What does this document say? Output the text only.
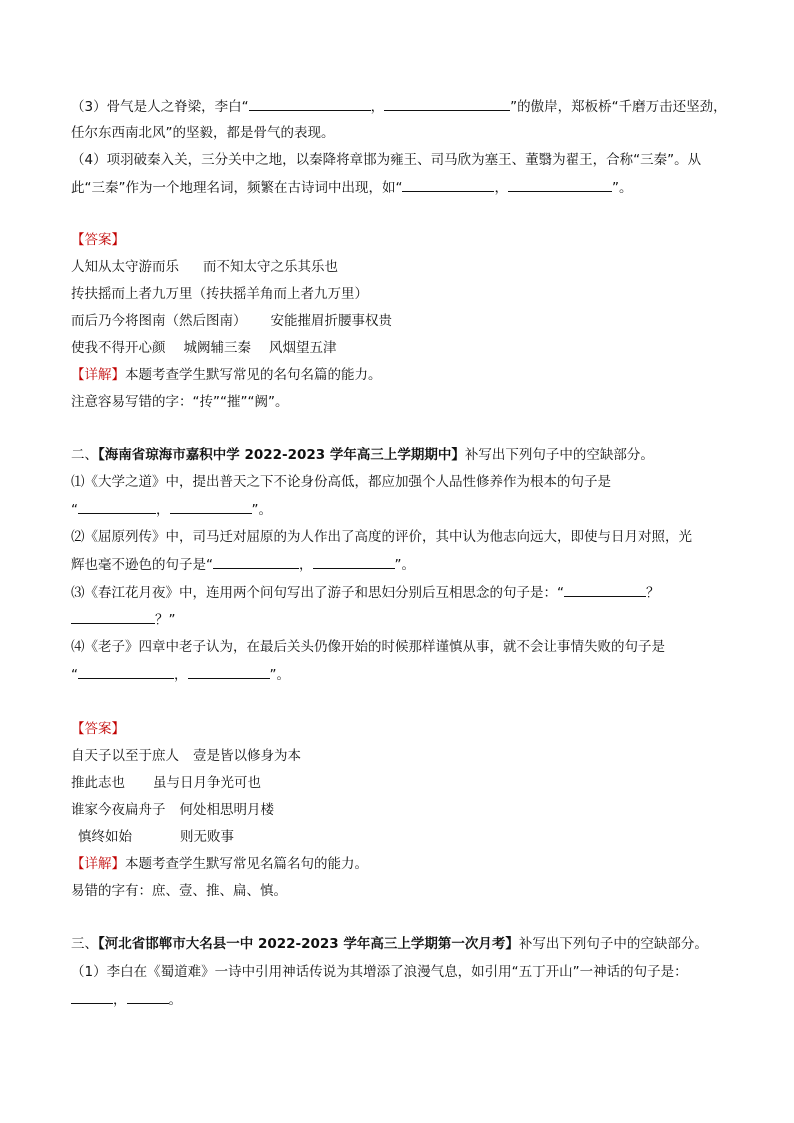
（3）骨气是人之脊梁，李白“	，	”的傲岸，郑板桥“千磨万击还坚劲，
任尔东西南北风”的坚毅，都是骨气的表现。
（4）项羽破秦入关，三分关中之地，以秦降将章邯为雍王、司马欣为塞王、董翳为翟王，合称“三秦”。从
此“三秦”作为一个地理名词，频繁在古诗词中出现，如“	，	”。
【答案】
人知从太守游而乐 而不知太守之乐其乐也
抟扶摇而上者九万里（抟扶摇羊角而上者九万里）
而后乃今将图南（然后图南） 安能摧眉折腰事权贵
使我不得开心颜 城阙辅三秦 风烟望五津
【详解】本题考查学生默写常见的名句名篇的能力。
注意容易写错的字：“抟”“摧”“阙”。
二、【海南省琼海市嘉积中学 2022-2023 学年高三上学期期中】补写出下列句子中的空缺部分。
⑴《大学之道》中，提出普天之下不论身份高低，都应加强个人品性修养作为根本的句子是
“	，	”。
⑵《屈原列传》中，司马迁对屈原的为人作出了高度的评价，其中认为他志向远大，即使与日月对照，光
辉也毫不逊色的句子是“	，	”。
⑶《春江花月夜》中，连用两个问句写出了游子和思妇分别后互相思念的句子是：“	？
？”
⑷《老子》四章中老子认为，在最后关头仍像开始的时候那样谨慎从事，就不会让事情失败的句子是
“	，	”。
【答案】
自天子以至于庶人 壹是皆以修身为本
推此志也 虽与日月争光可也
谁家今夜扁舟子 何处相思明月楼
慎终如始	则无败事
【详解】本题考查学生默写常见名篇名句的能力。
易错的字有：庶、壹、推、扁、慎。
三、【河北省邯郸市大名县一中 2022-2023 学年高三上学期第一次月考】补写出下列句子中的空缺部分。
（1）李白在《蜀道难》一诗中引用神话传说为其增添了浪漫气息，如引用“五丁开山”一神话的句子是：
，	。
